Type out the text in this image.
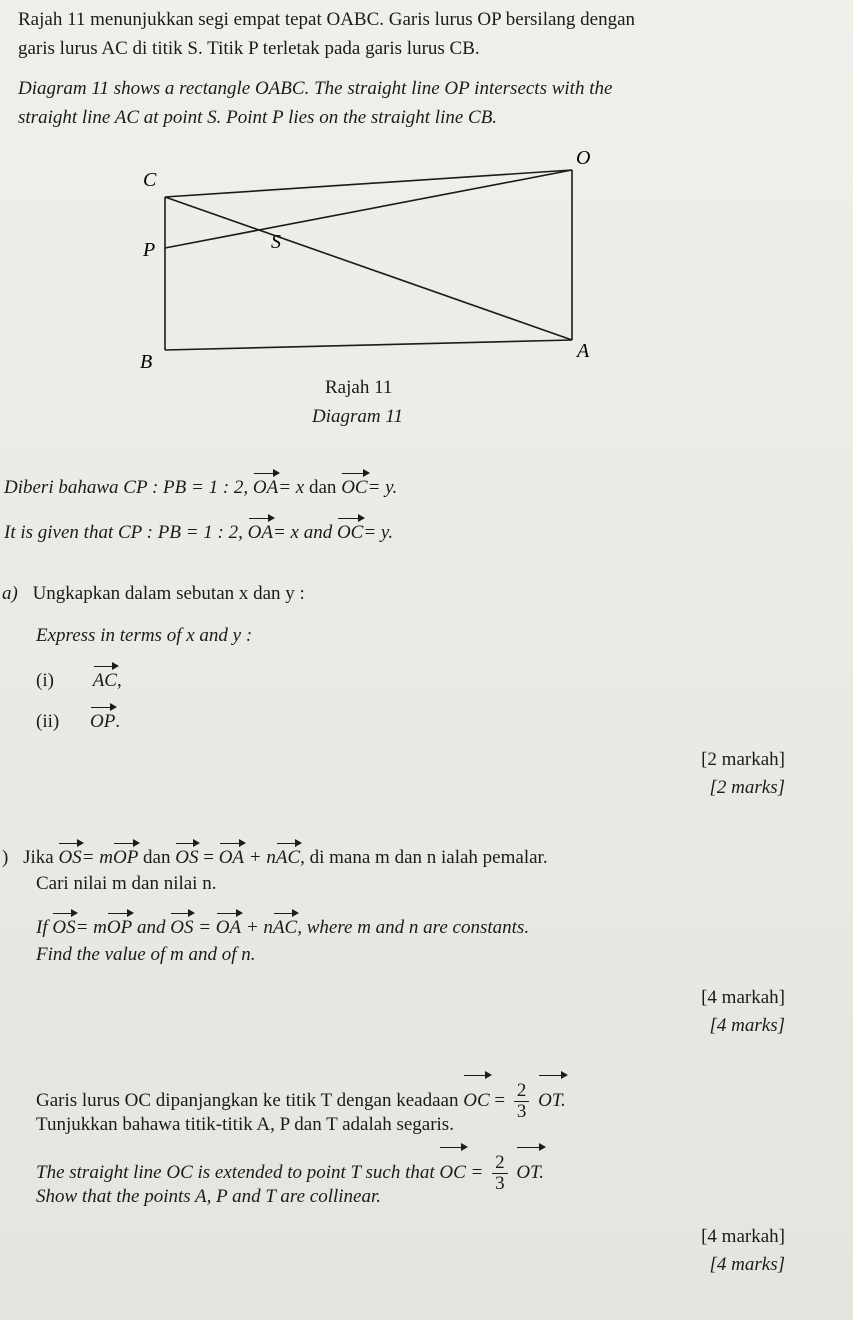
Rajah 11 menunjukkan segi empat tepat OABC. Garis lurus OP bersilang dengan
garis lurus AC di titik S. Titik P terletak pada garis lurus CB.
Diagram 11 shows a rectangle OABC. The straight line OP intersects with the
straight line AC at point S. Point P lies on the straight line CB.
O
C
P	S
B	A
Rajah 11
Diagram 11
Diberi bahawa CP : PB = 1 : 2, OA= x dan OC= y.
It is given that CP : PB = 1 : 2, OA= x and OC= y.
a) Ungkapkan dalam sebutan x dan y :
Express in terms of x and y :
(i) AC,
(ii) OP.
[2 markah]
[2 marks]
) Jika OS= mOP dan OS = OA + nAC, di mana m dan n ialah pemalar.
Cari nilai m dan nilai n.
If OS= mOP and OS = OA + nAC, where m and n are constants.
Find the value of m and of n.
[4 markah]
[4 marks]
Garis lurus OC dipanjangkan ke titik T dengan keadaan OC = $\frac{2}{3}$ OT.
Tunjukkan bahawa titik-titik A, P dan T adalah segaris.
The straight line OC is extended to point T such that OC = $\frac{2}{3}$ OT.
Show that the points A, P and T are collinear.
[4 markah]
[4 marks]
